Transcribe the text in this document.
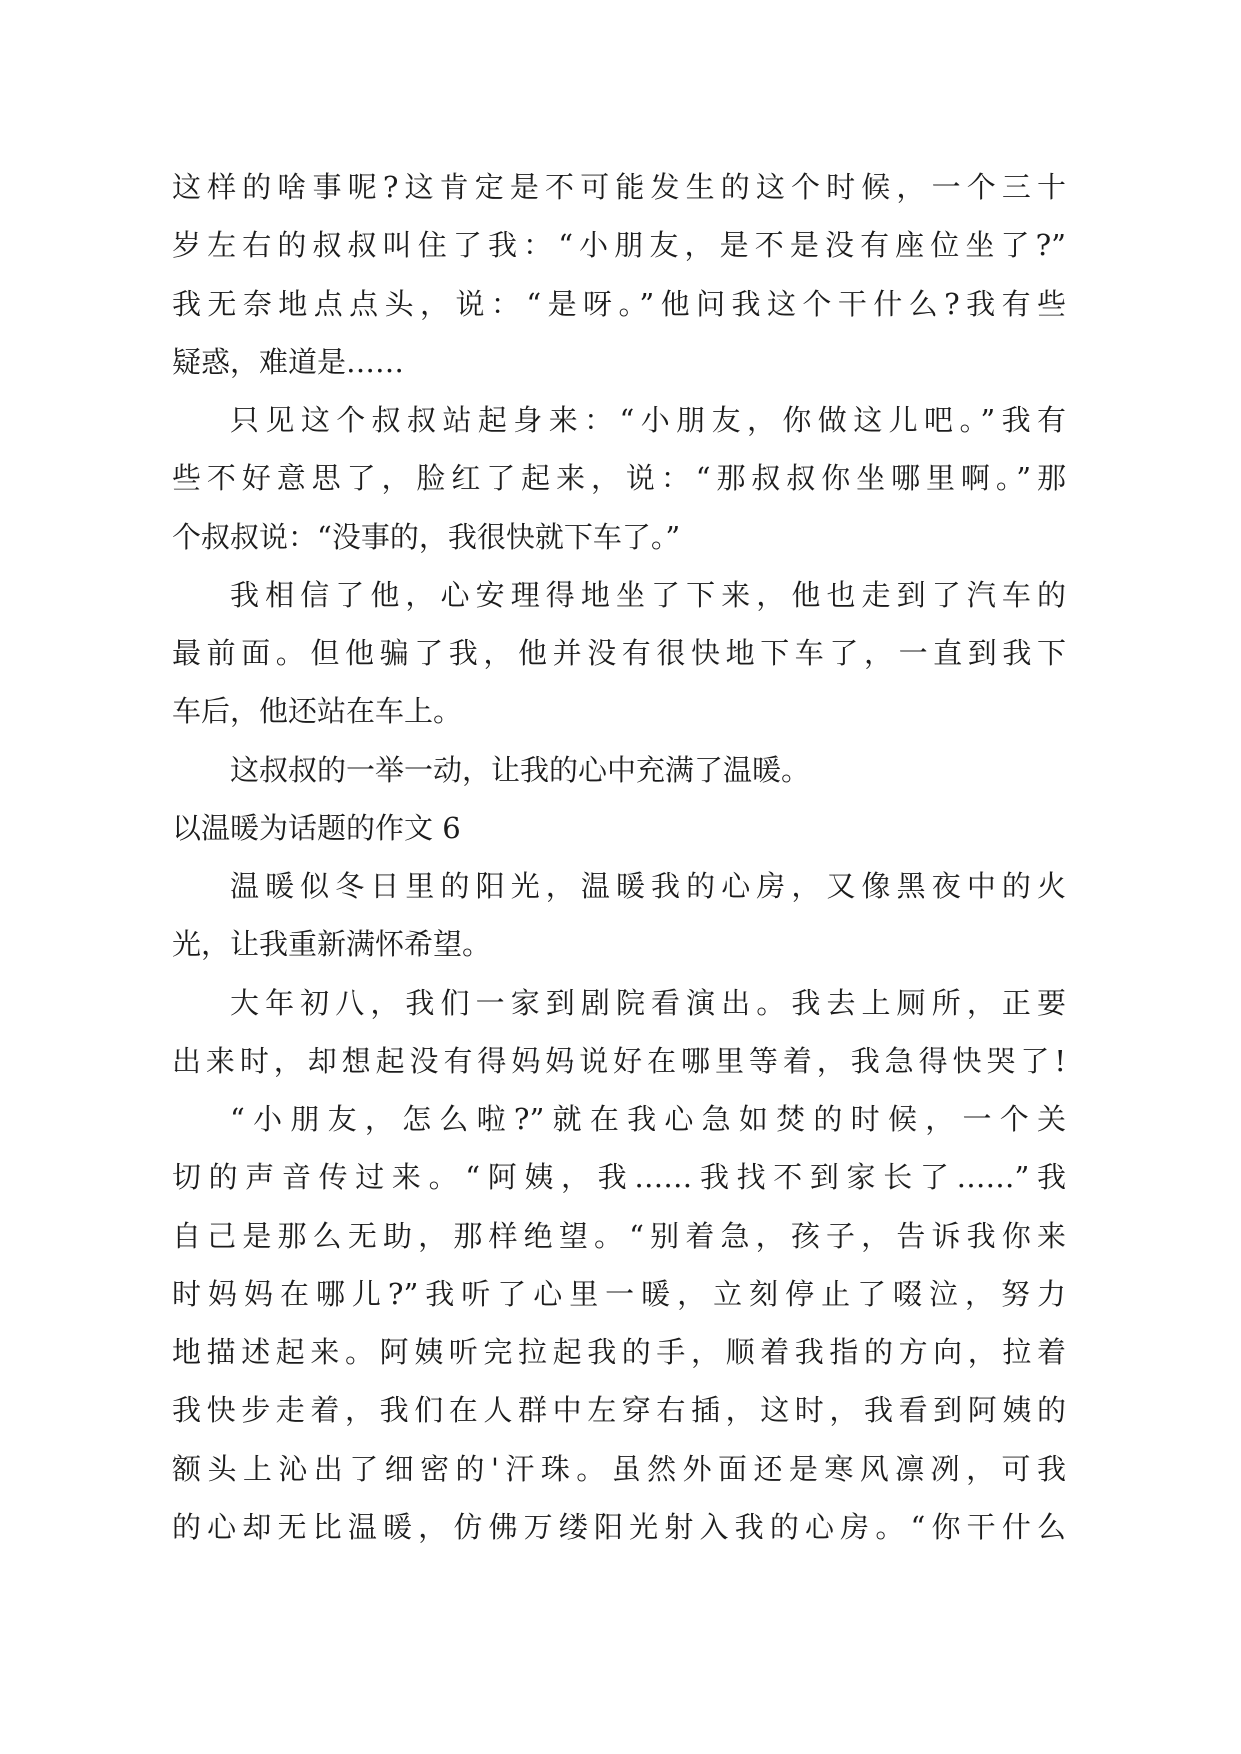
这样的啥事呢?这肯定是不可能发生的这个时候，一个三十
岁左右的叔叔叫住了我：“小朋友，是不是没有座位坐了?”
我无奈地点点头，说：“是呀。”他问我这个干什么?我有些
疑惑，难道是……
只见这个叔叔站起身来：“小朋友，你做这儿吧。”我有
些不好意思了，脸红了起来，说：“那叔叔你坐哪里啊。”那
个叔叔说：“没事的，我很快就下车了。”
我相信了他，心安理得地坐了下来，他也走到了汽车的
最前面。但他骗了我，他并没有很快地下车了，一直到我下
车后，他还站在车上。
这叔叔的一举一动，让我的心中充满了温暖。
以温暖为话题的作文 6
温暖似冬日里的阳光，温暖我的心房，又像黑夜中的火
光，让我重新满怀希望。
大年初八，我们一家到剧院看演出。我去上厕所，正要
出来时，却想起没有得妈妈说好在哪里等着，我急得快哭了!
“小朋友，怎么啦?”就在我心急如焚的时候，一个关
切的声音传过来。“阿姨，我……我找不到家长了……”我
自己是那么无助，那样绝望。“别着急，孩子，告诉我你来
时妈妈在哪儿?”我听了心里一暖，立刻停止了啜泣，努力
地描述起来。阿姨听完拉起我的手，顺着我指的方向，拉着
我快步走着，我们在人群中左穿右插，这时，我看到阿姨的
额头上沁出了细密的'汗珠。虽然外面还是寒风凛冽，可我
的心却无比温暖，仿佛万缕阳光射入我的心房。“你干什么
